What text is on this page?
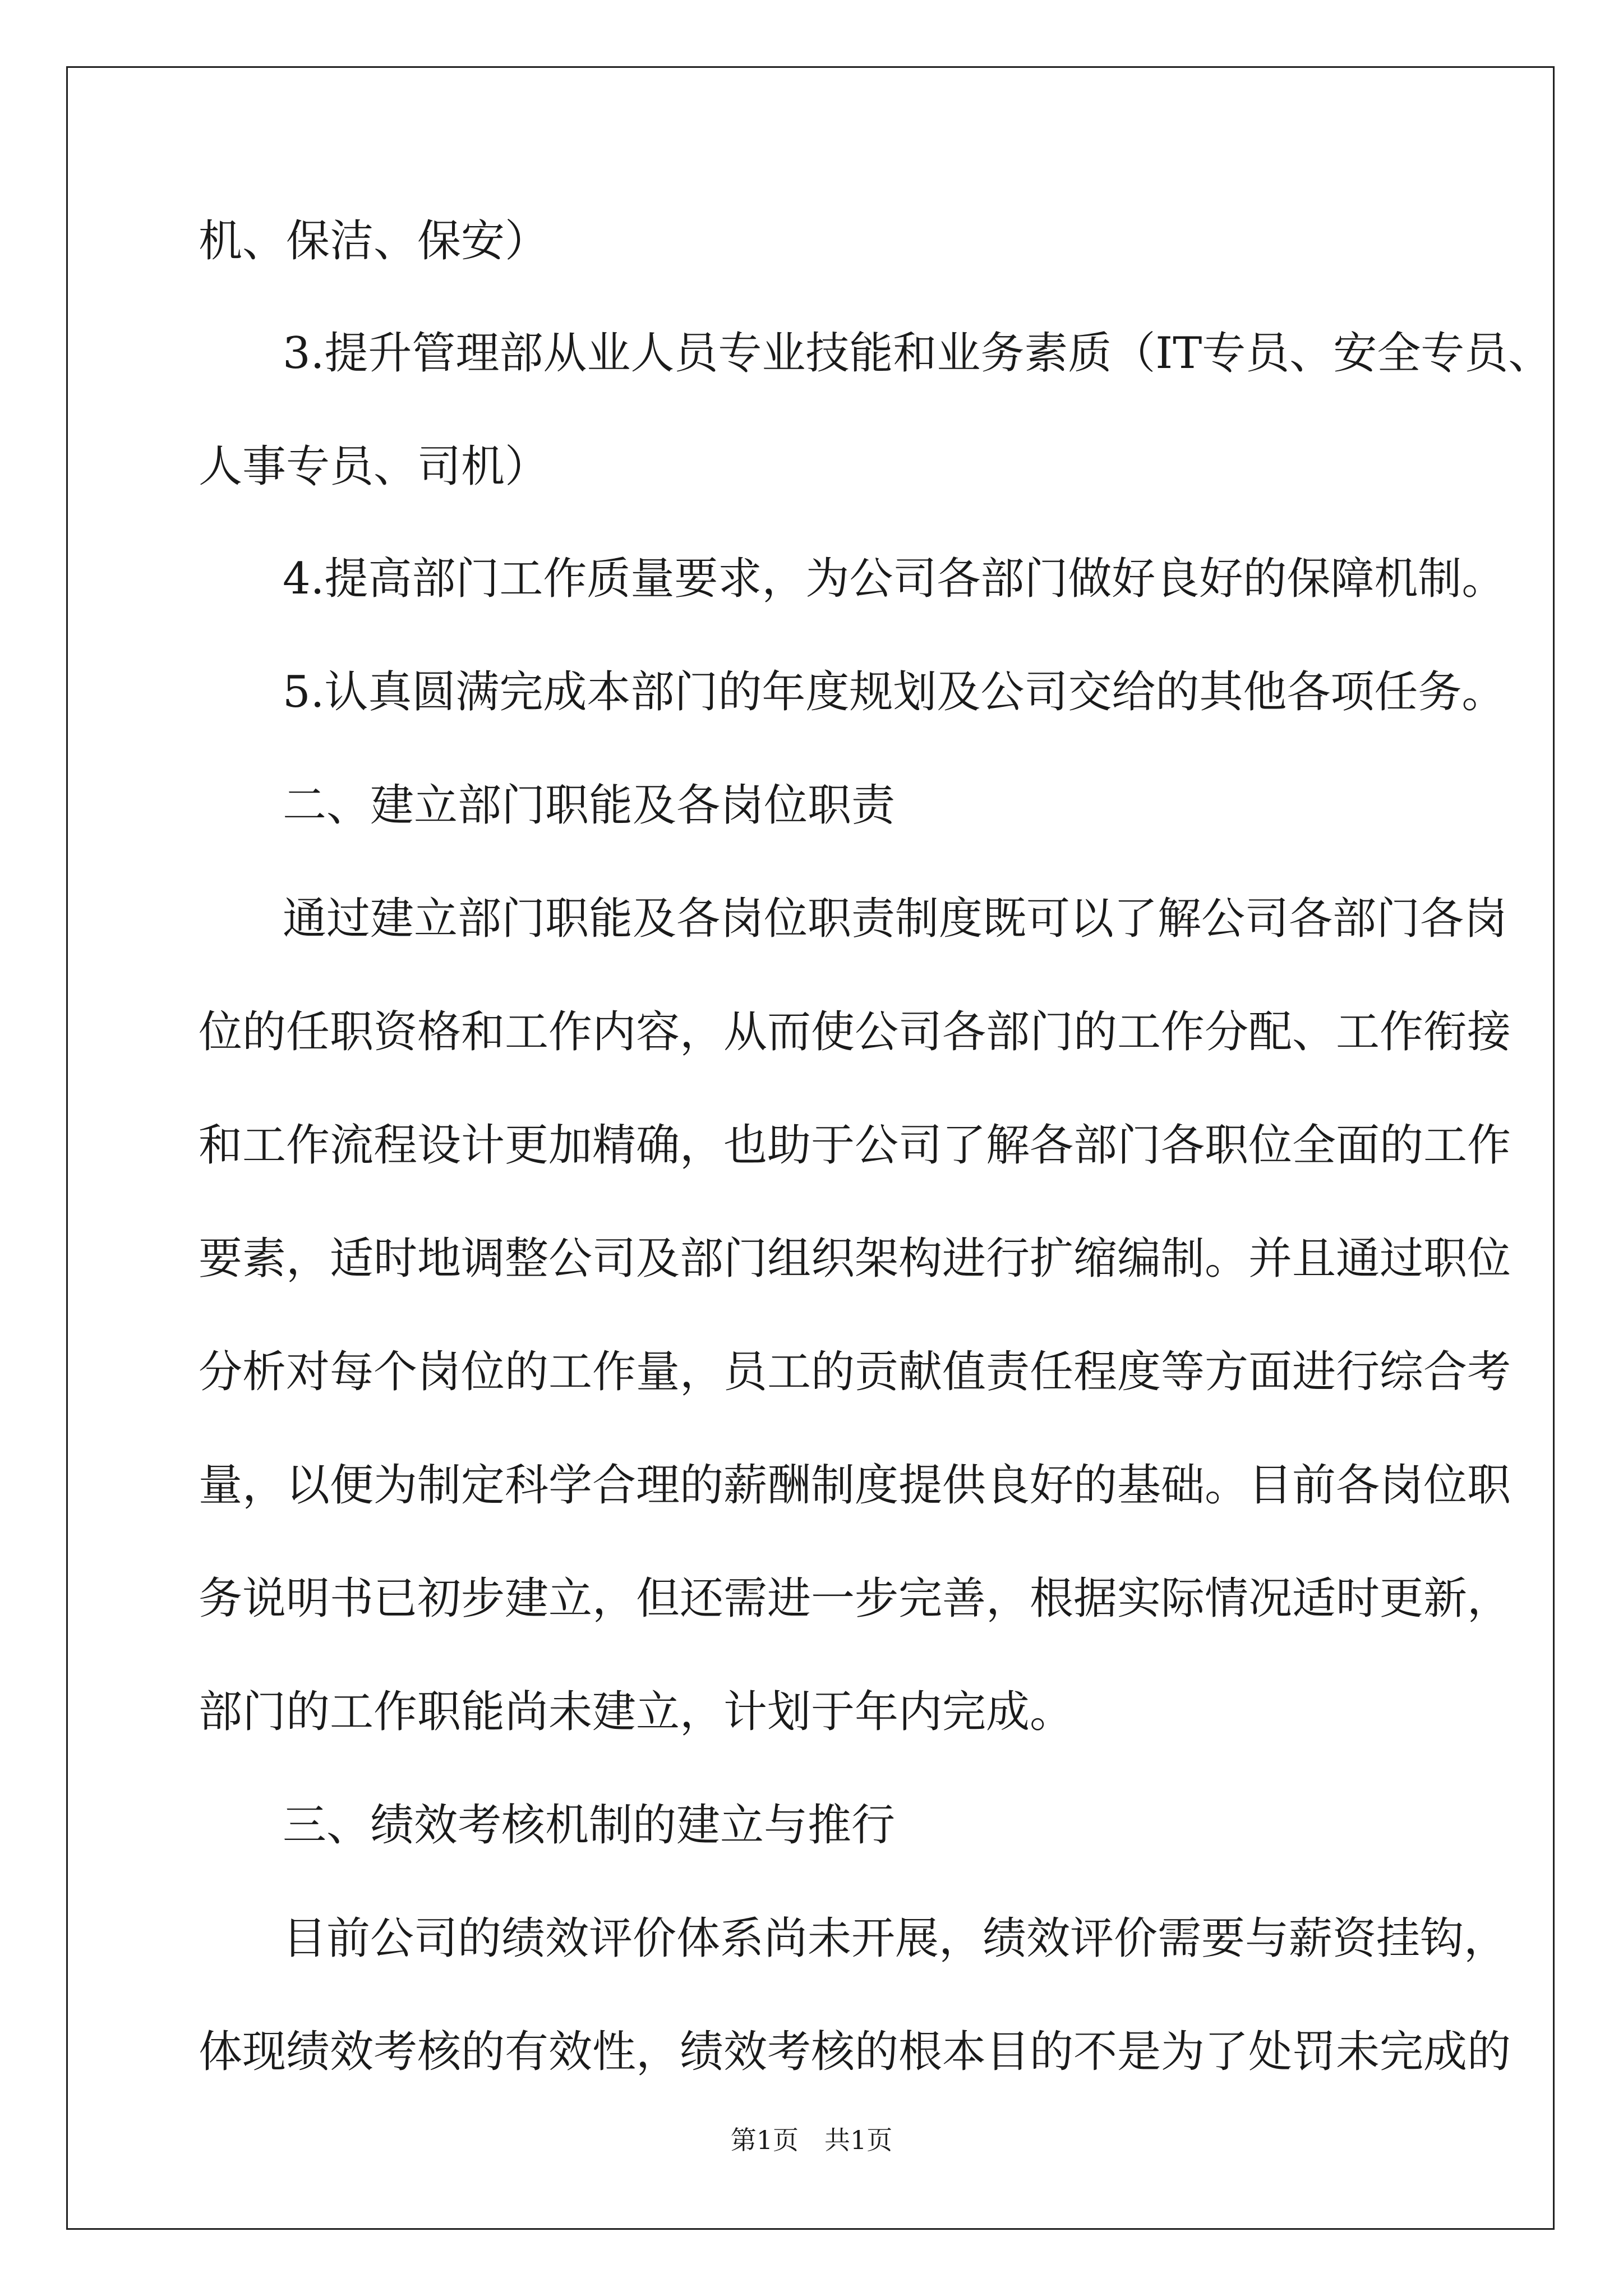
机、保洁、保安）
3.提升管理部从业人员专业技能和业务素质（IT专员、安全专员、
人事专员、司机）
4.提高部门工作质量要求，为公司各部门做好良好的保障机制。
5.认真圆满完成本部门的年度规划及公司交给的其他各项任务。
二、建立部门职能及各岗位职责
通过建立部门职能及各岗位职责制度既可以了解公司各部门各岗
位的任职资格和工作内容，从而使公司各部门的工作分配、工作衔接
和工作流程设计更加精确，也助于公司了解各部门各职位全面的工作
要素，适时地调整公司及部门组织架构进行扩缩编制。并且通过职位
分析对每个岗位的工作量，员工的贡献值责任程度等方面进行综合考
量，以便为制定科学合理的薪酬制度提供良好的基础。目前各岗位职
务说明书已初步建立，但还需进一步完善，根据实际情况适时更新，
部门的工作职能尚未建立，计划于年内完成。
三、绩效考核机制的建立与推行
目前公司的绩效评价体系尚未开展，绩效评价需要与薪资挂钩，
体现绩效考核的有效性，绩效考核的根本目的不是为了处罚未完成的
第1页　共1页
